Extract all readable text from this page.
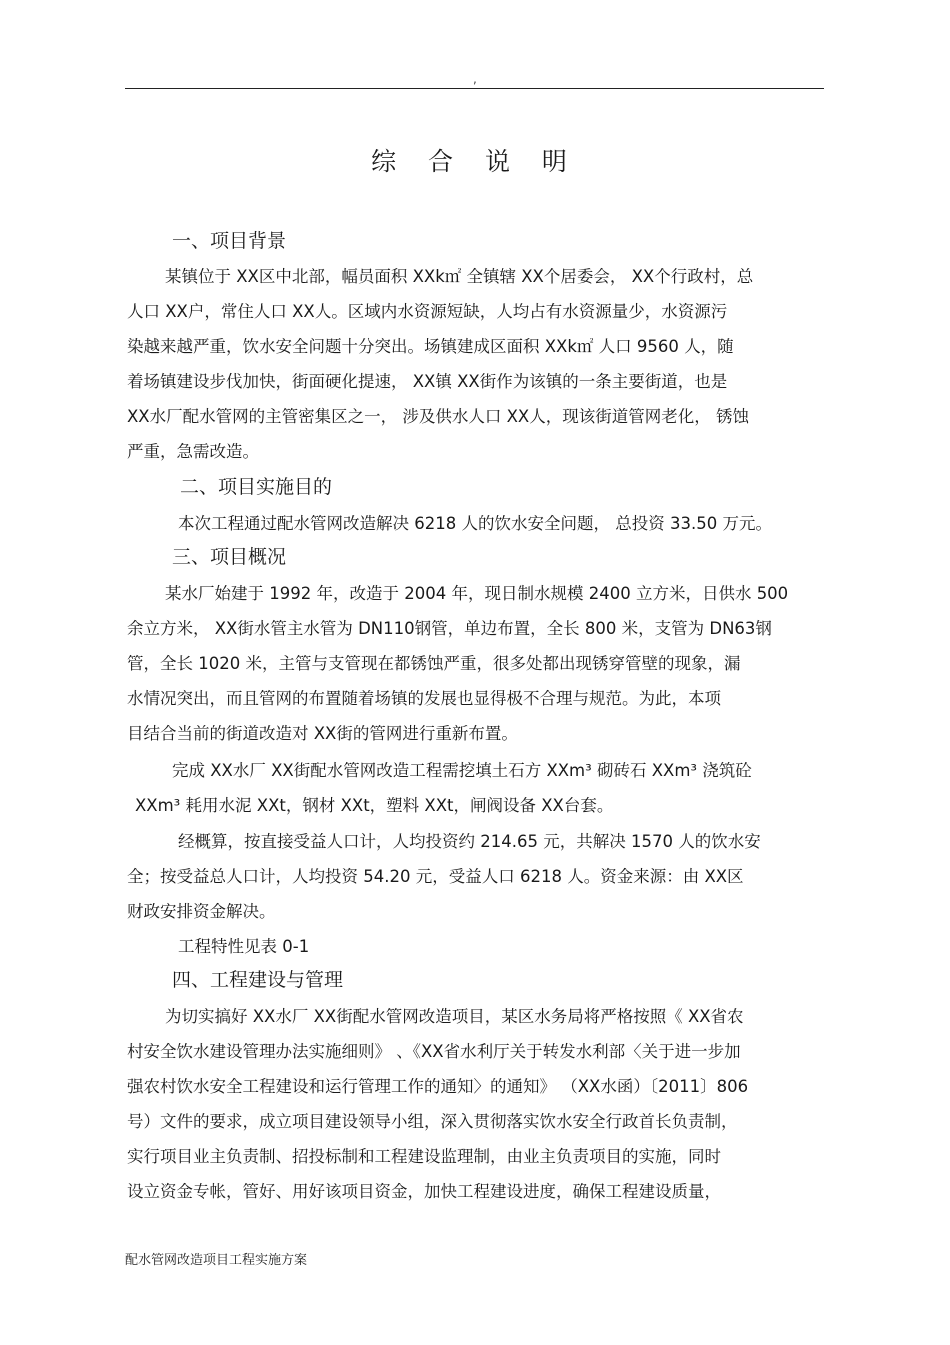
,
综 合 说 明
一、项目背景
某镇位于 XX区中北部，幅员面积 XXk㎡ 全镇辖 XX个居委会， XX个行政村，总
人口 XX户，常住人口 XX人。区域内水资源短缺，人均占有水资源量少，水资源污
染越来越严重，饮水安全问题十分突出。场镇建成区面积 XXk㎡ 人口 9560 人，随
着场镇建设步伐加快，街面硬化提速， XX镇 XX街作为该镇的一条主要街道，也是
XX水厂配水管网的主管密集区之一， 涉及供水人口 XX人，现该街道管网老化， 锈蚀
严重，急需改造。
二、项目实施目的
本次工程通过配水管网改造解决 6218 人的饮水安全问题， 总投资 33.50 万元。
三、项目概况
某水厂始建于 1992 年，改造于 2004 年，现日制水规模 2400 立方米，日供水 500
余立方米， XX街水管主水管为 DN110钢管，单边布置，全长 800 米，支管为 DN63钢
管，全长 1020 米，主管与支管现在都锈蚀严重，很多处都出现锈穿管壁的现象，漏
水情况突出，而且管网的布置随着场镇的发展也显得极不合理与规范。为此，本项
目结合当前的街道改造对 XX街的管网进行重新布置。
完成 XX水厂 XX街配水管网改造工程需挖填土石方 XXm³ 砌砖石 XXm³ 浇筑砼
XXm³ 耗用水泥 XXt，钢材 XXt，塑料 XXt，闸阀设备 XX台套。
经概算，按直接受益人口计，人均投资约 214.65 元，共解决 1570 人的饮水安
全；按受益总人口计，人均投资 54.20 元，受益人口 6218 人。资金来源：由 XX区
财政安排资金解决。
工程特性见表 0-1
四、工程建设与管理
为切实搞好 XX水厂 XX街配水管网改造项目，某区水务局将严格按照《 XX省农
村安全饮水建设管理办法实施细则》 、《XX省水利厅关于转发水利部〈关于进一步加
强农村饮水安全工程建设和运行管理工作的通知〉的通知》 （XX水函）〔2011〕806
号）文件的要求，成立项目建设领导小组，深入贯彻落实饮水安全行政首长负责制，
实行项目业主负责制、招投标制和工程建设监理制，由业主负责项目的实施，同时
设立资金专帐，管好、用好该项目资金，加快工程建设进度，确保工程建设质量，
配水管网改造项目工程实施方案
